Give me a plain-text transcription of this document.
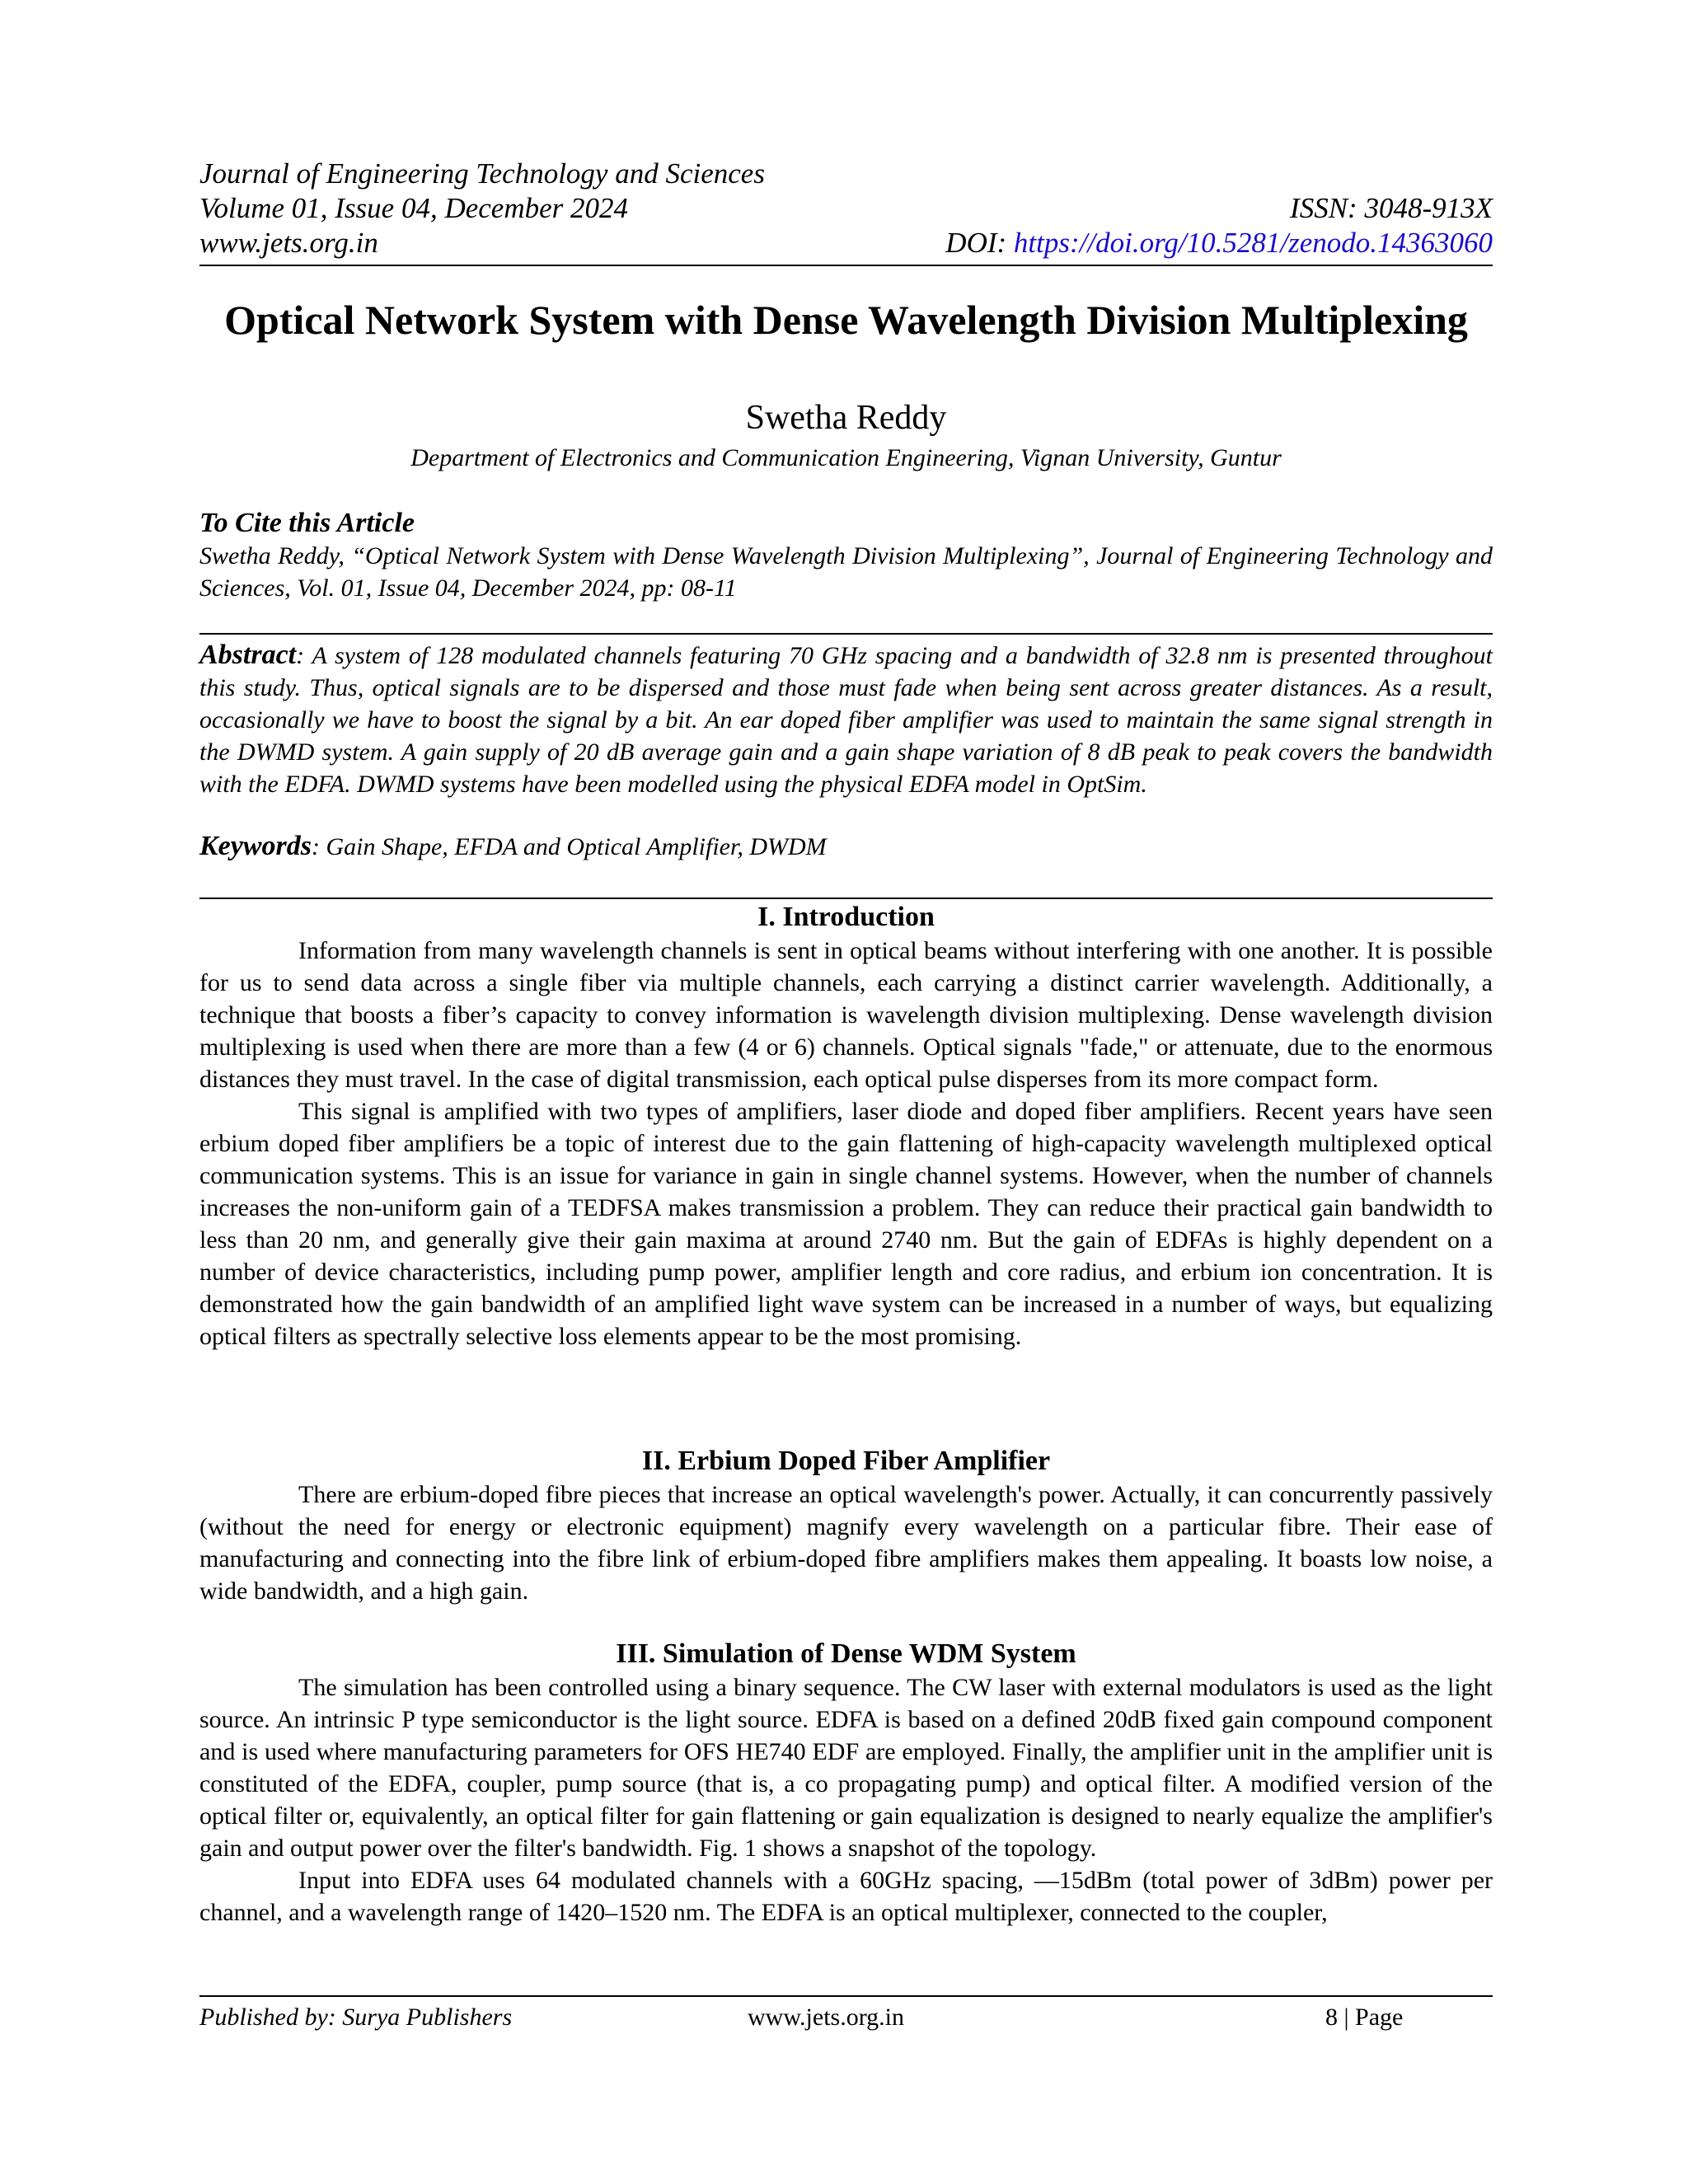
Journal of Engineering Technology and Sciences
Volume 01, Issue 04, December 2024	ISSN: 3048-913X
www.jets.org.in	DOI: https://doi.org/10.5281/zenodo.14363060
Optical Network System with Dense Wavelength Division Multiplexing
Swetha Reddy
Department of Electronics and Communication Engineering, Vignan University, Guntur
To Cite this Article
Swetha Reddy, “Optical Network System with Dense Wavelength Division Multiplexing”, Journal of Engineering Technology and Sciences, Vol. 01, Issue 04, December 2024, pp: 08-11
Abstract: A system of 128 modulated channels featuring 70 GHz spacing and a bandwidth of 32.8 nm is presented throughout this study. Thus, optical signals are to be dispersed and those must fade when being sent across greater distances. As a result, occasionally we have to boost the signal by a bit. An ear doped fiber amplifier was used to maintain the same signal strength in the DWMD system. A gain supply of 20 dB average gain and a gain shape variation of 8 dB peak to peak covers the bandwidth with the EDFA. DWMD systems have been modelled using the physical EDFA model in OptSim.
Keywords: Gain Shape, EFDA and Optical Amplifier, DWDM
I. Introduction

Information from many wavelength channels is sent in optical beams without interfering with one another. It is possible for us to send data across a single fiber via multiple channels, each carrying a distinct carrier wavelength. Additionally, a technique that boosts a fiber’s capacity to convey information is wavelength division multiplexing. Dense wavelength division multiplexing is used when there are more than a few (4 or 6) channels. Optical signals "fade," or attenuate, due to the enormous distances they must travel. In the case of digital transmission, each optical pulse disperses from its more compact form.

This signal is amplified with two types of amplifiers, laser diode and doped fiber amplifiers. Recent years have seen erbium doped fiber amplifiers be a topic of interest due to the gain flattening of high-capacity wavelength multiplexed optical communication systems. This is an issue for variance in gain in single channel systems. However, when the number of channels increases the non-uniform gain of a TEDFSA makes transmission a problem. They can reduce their practical gain bandwidth to less than 20 nm, and generally give their gain maxima at around 2740 nm. But the gain of EDFAs is highly dependent on a number of device characteristics, including pump power, amplifier length and core radius, and erbium ion concentration. It is demonstrated how the gain bandwidth of an amplified light wave system can be increased in a number of ways, but equalizing optical filters as spectrally selective loss elements appear to be the most promising.

II. Erbium Doped Fiber Amplifier

There are erbium-doped fibre pieces that increase an optical wavelength's power. Actually, it can concurrently passively (without the need for energy or electronic equipment) magnify every wavelength on a particular fibre. Their ease of manufacturing and connecting into the fibre link of erbium-doped fibre amplifiers makes them appealing. It boasts low noise, a wide bandwidth, and a high gain.

III. Simulation of Dense WDM System

The simulation has been controlled using a binary sequence. The CW laser with external modulators is used as the light source. An intrinsic P type semiconductor is the light source. EDFA is based on a defined 20dB fixed gain compound component and is used where manufacturing parameters for OFS HE740 EDF are employed. Finally, the amplifier unit in the amplifier unit is constituted of the EDFA, coupler, pump source (that is, a co propagating pump) and optical filter. A modified version of the optical filter or, equivalently, an optical filter for gain flattening or gain equalization is designed to nearly equalize the amplifier's gain and output power over the filter's bandwidth. Fig. 1 shows a snapshot of the topology.

Input into EDFA uses 64 modulated channels with a 60GHz spacing, —15dBm (total power of 3dBm) power per channel, and a wavelength range of 1420–1520 nm. The EDFA is an optical multiplexer, connected to the coupler,

Published by: Surya Publishers	www.jets.org.in	8 | Page
